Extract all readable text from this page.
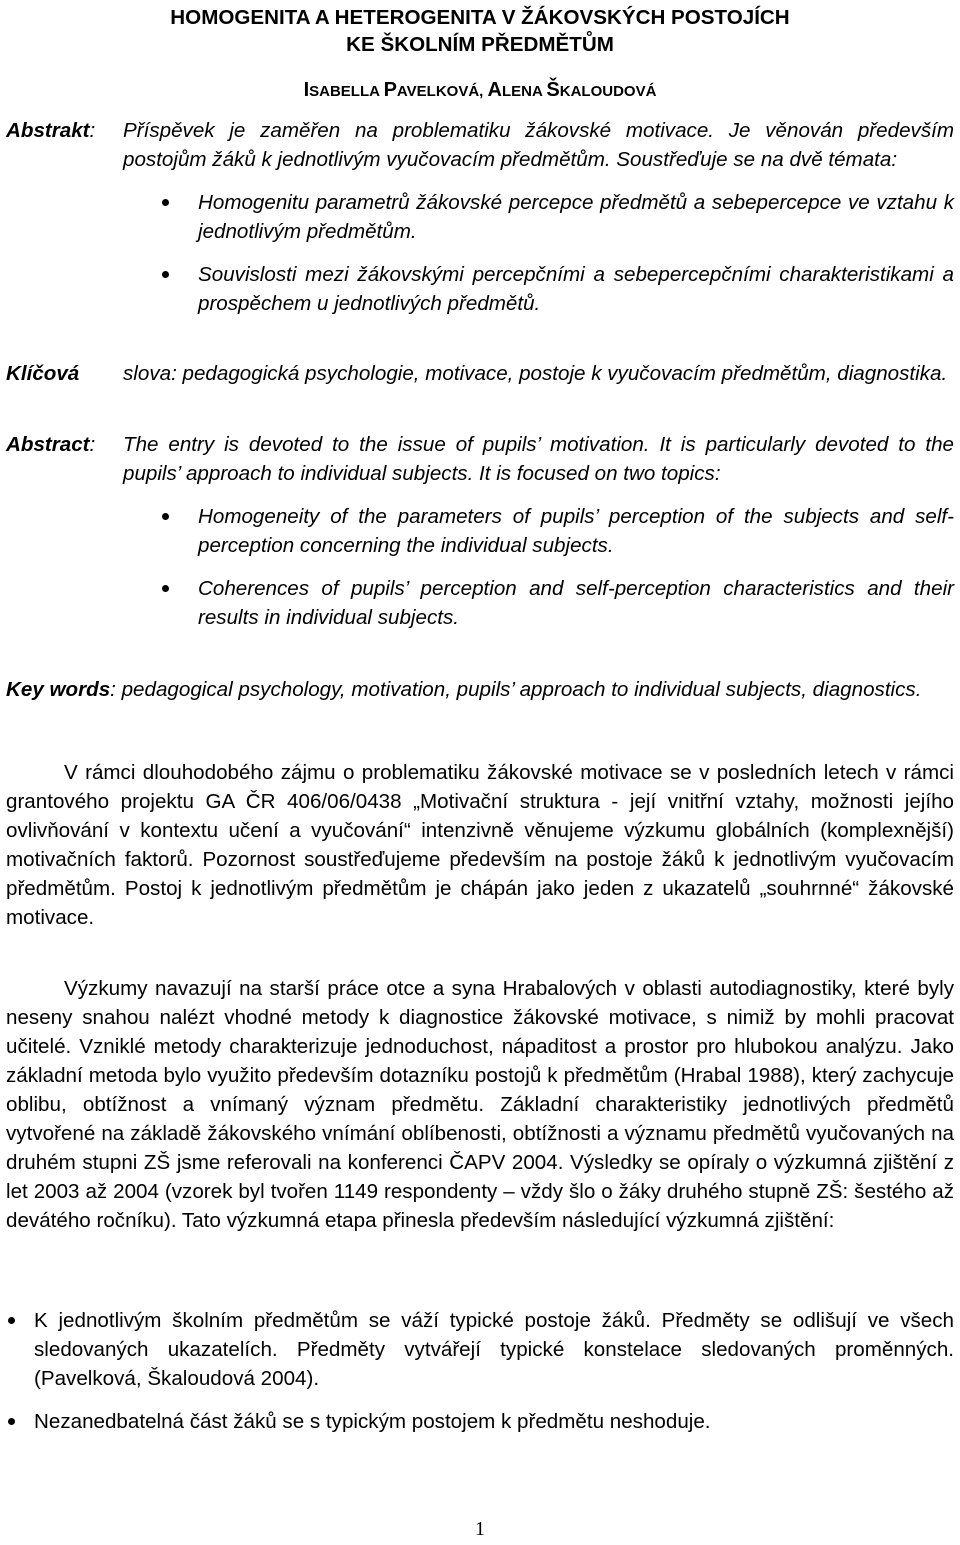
HOMOGENITA A HETEROGENITA V ŽÁKOVSKÝCH POSTOJÍCH
KE ŠKOLNÍM PŘEDMĚTŮM
ISABELLA PAVELKOVÁ, ALENA ŠKALOUDOVÁ
Abstrakt:	Příspěvek je zaměřen na problematiku žákovské motivace. Je věnován především postojům žáků k jednotlivým vyučovacím předmětům. Soustřeďuje se na dvě témata:
Homogenitu parametrů žákovské percepce předmětů a sebepercepce ve vztahu k jednotlivým předmětům.
Souvislosti mezi žákovskými percepčními a sebepercepčními charakteristikami a prospěchem u jednotlivých předmětů.
Klíčová	slova: pedagogická psychologie, motivace, postoje k vyučovacím předmětům, diagnostika.
Abstract:	The entry is devoted to the issue of pupils’ motivation. It is particularly devoted to the pupils’ approach to individual subjects. It is focused on two topics:
Homogeneity of the parameters of pupils’ perception of the subjects and self-perception concerning the individual subjects.
Coherences of pupils’ perception and self-perception characteristics and their results in individual subjects.
Key words: pedagogical psychology, motivation, pupils’ approach to individual subjects, diagnostics.
V rámci dlouhodobého zájmu o problematiku žákovské motivace se v posledních letech v rámci grantového projektu GA ČR 406/06/0438 „Motivační struktura - její vnitřní vztahy, možnosti jejího ovlivňování v kontextu učení a vyučování“ intenzivně věnujeme výzkumu globálních (komplexnější) motivačních faktorů. Pozornost soustřeďujeme především na postoje žáků k jednotlivým vyučovacím předmětům. Postoj k jednotlivým předmětům je chápán jako jeden z ukazatelů „souhrnné“ žákovské motivace.
Výzkumy navazují na starší práce otce a syna Hrabalových v oblasti autodiagnostiky, které byly neseny snahou nalézt vhodné metody k diagnostice žákovské motivace, s nimiž by mohli pracovat učitelé. Vzniklé metody charakterizuje jednoduchost, nápaditost a prostor pro hlubokou analýzu. Jako základní metoda bylo využito především dotazníku postojů k předmětům (Hrabal 1988), který zachycuje oblibu, obtížnost a vnímaný význam předmětu. Základní charakteristiky jednotlivých předmětů vytvořené na základě žákovského vnímání oblíbenosti, obtížnosti a významu předmětů vyučovaných na druhém stupni ZŠ jsme referovali na konferenci ČAPV 2004. Výsledky se opíraly o výzkumná zjištění z let 2003 až 2004 (vzorek byl tvořen 1149 respondenty – vždy šlo o žáky druhého stupně ZŠ: šestého až devátého ročníku). Tato výzkumná etapa přinesla především následující výzkumná zjištění:
K jednotlivým školním předmětům se váží typické postoje žáků. Předměty se odlišují ve všech sledovaných ukazatelích. Předměty vytvářejí typické konstelace sledovaných proměnných. (Pavelková, Škaloudová 2004).
Nezanedbatelná část žáků se s typickým postojem k předmětu neshoduje.
1
